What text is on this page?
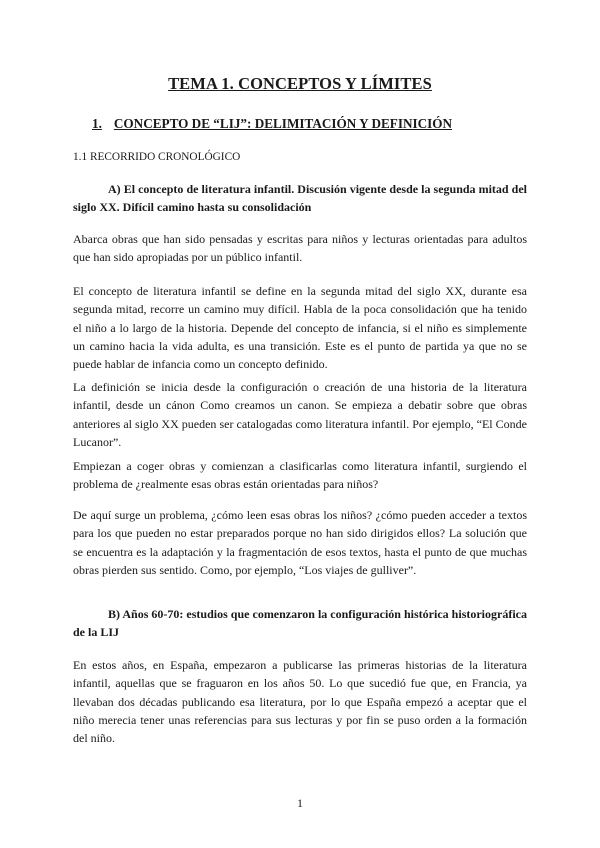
TEMA 1. CONCEPTOS Y LÍMITES
1. CONCEPTO DE “LIJ”: DELIMITACIÓN Y DEFINICIÓN
1.1 RECORRIDO CRONOLÓGICO
A) El concepto de literatura infantil. Discusión vigente desde la segunda mitad del siglo XX. Difícil camino hasta su consolidación

Abarca obras que han sido pensadas y escritas para niños y lecturas orientadas para adultos que han sido apropiadas por un público infantil.

El concepto de literatura infantil se define en la segunda mitad del siglo XX, durante esa segunda mitad, recorre un camino muy difícil. Habla de la poca consolidación que ha tenido el niño a lo largo de la historia. Depende del concepto de infancia, si el niño es simplemente un camino hacia la vida adulta, es una transición. Este es el punto de partida ya que no se puede hablar de infancia como un concepto definido.

La definición se inicia desde la configuración o creación de una historia de la literatura infantil, desde un cánon Como creamos un canon. Se empieza a debatir sobre que obras anteriores al siglo XX pueden ser catalogadas como literatura infantil. Por ejemplo, “El Conde Lucanor”.

Empiezan a coger obras y comienzan a clasificarlas como literatura infantil, surgiendo el problema de ¿realmente esas obras están orientadas para niños?

De aquí surge un problema, ¿cómo leen esas obras los niños? ¿cómo pueden acceder a textos para los que pueden no estar preparados porque no han sido dirigidos ellos? La solución que se encuentra es la adaptación y la fragmentación de esos textos, hasta el punto de que muchas obras pierden sus sentido. Como, por ejemplo, “Los viajes de gulliver”.

B) Años 60-70: estudios que comenzaron la configuración histórica historiográfica de la LIJ

En estos años, en España, empezaron a publicarse las primeras historias de la literatura infantil, aquellas que se fraguaron en los años 50. Lo que sucedió fue que, en Francia, ya llevaban dos décadas publicando esa literatura, por lo que España empezó a aceptar que el niño merecia tener unas referencias para sus lecturas y por fin se puso orden a la formación del niño.

1
